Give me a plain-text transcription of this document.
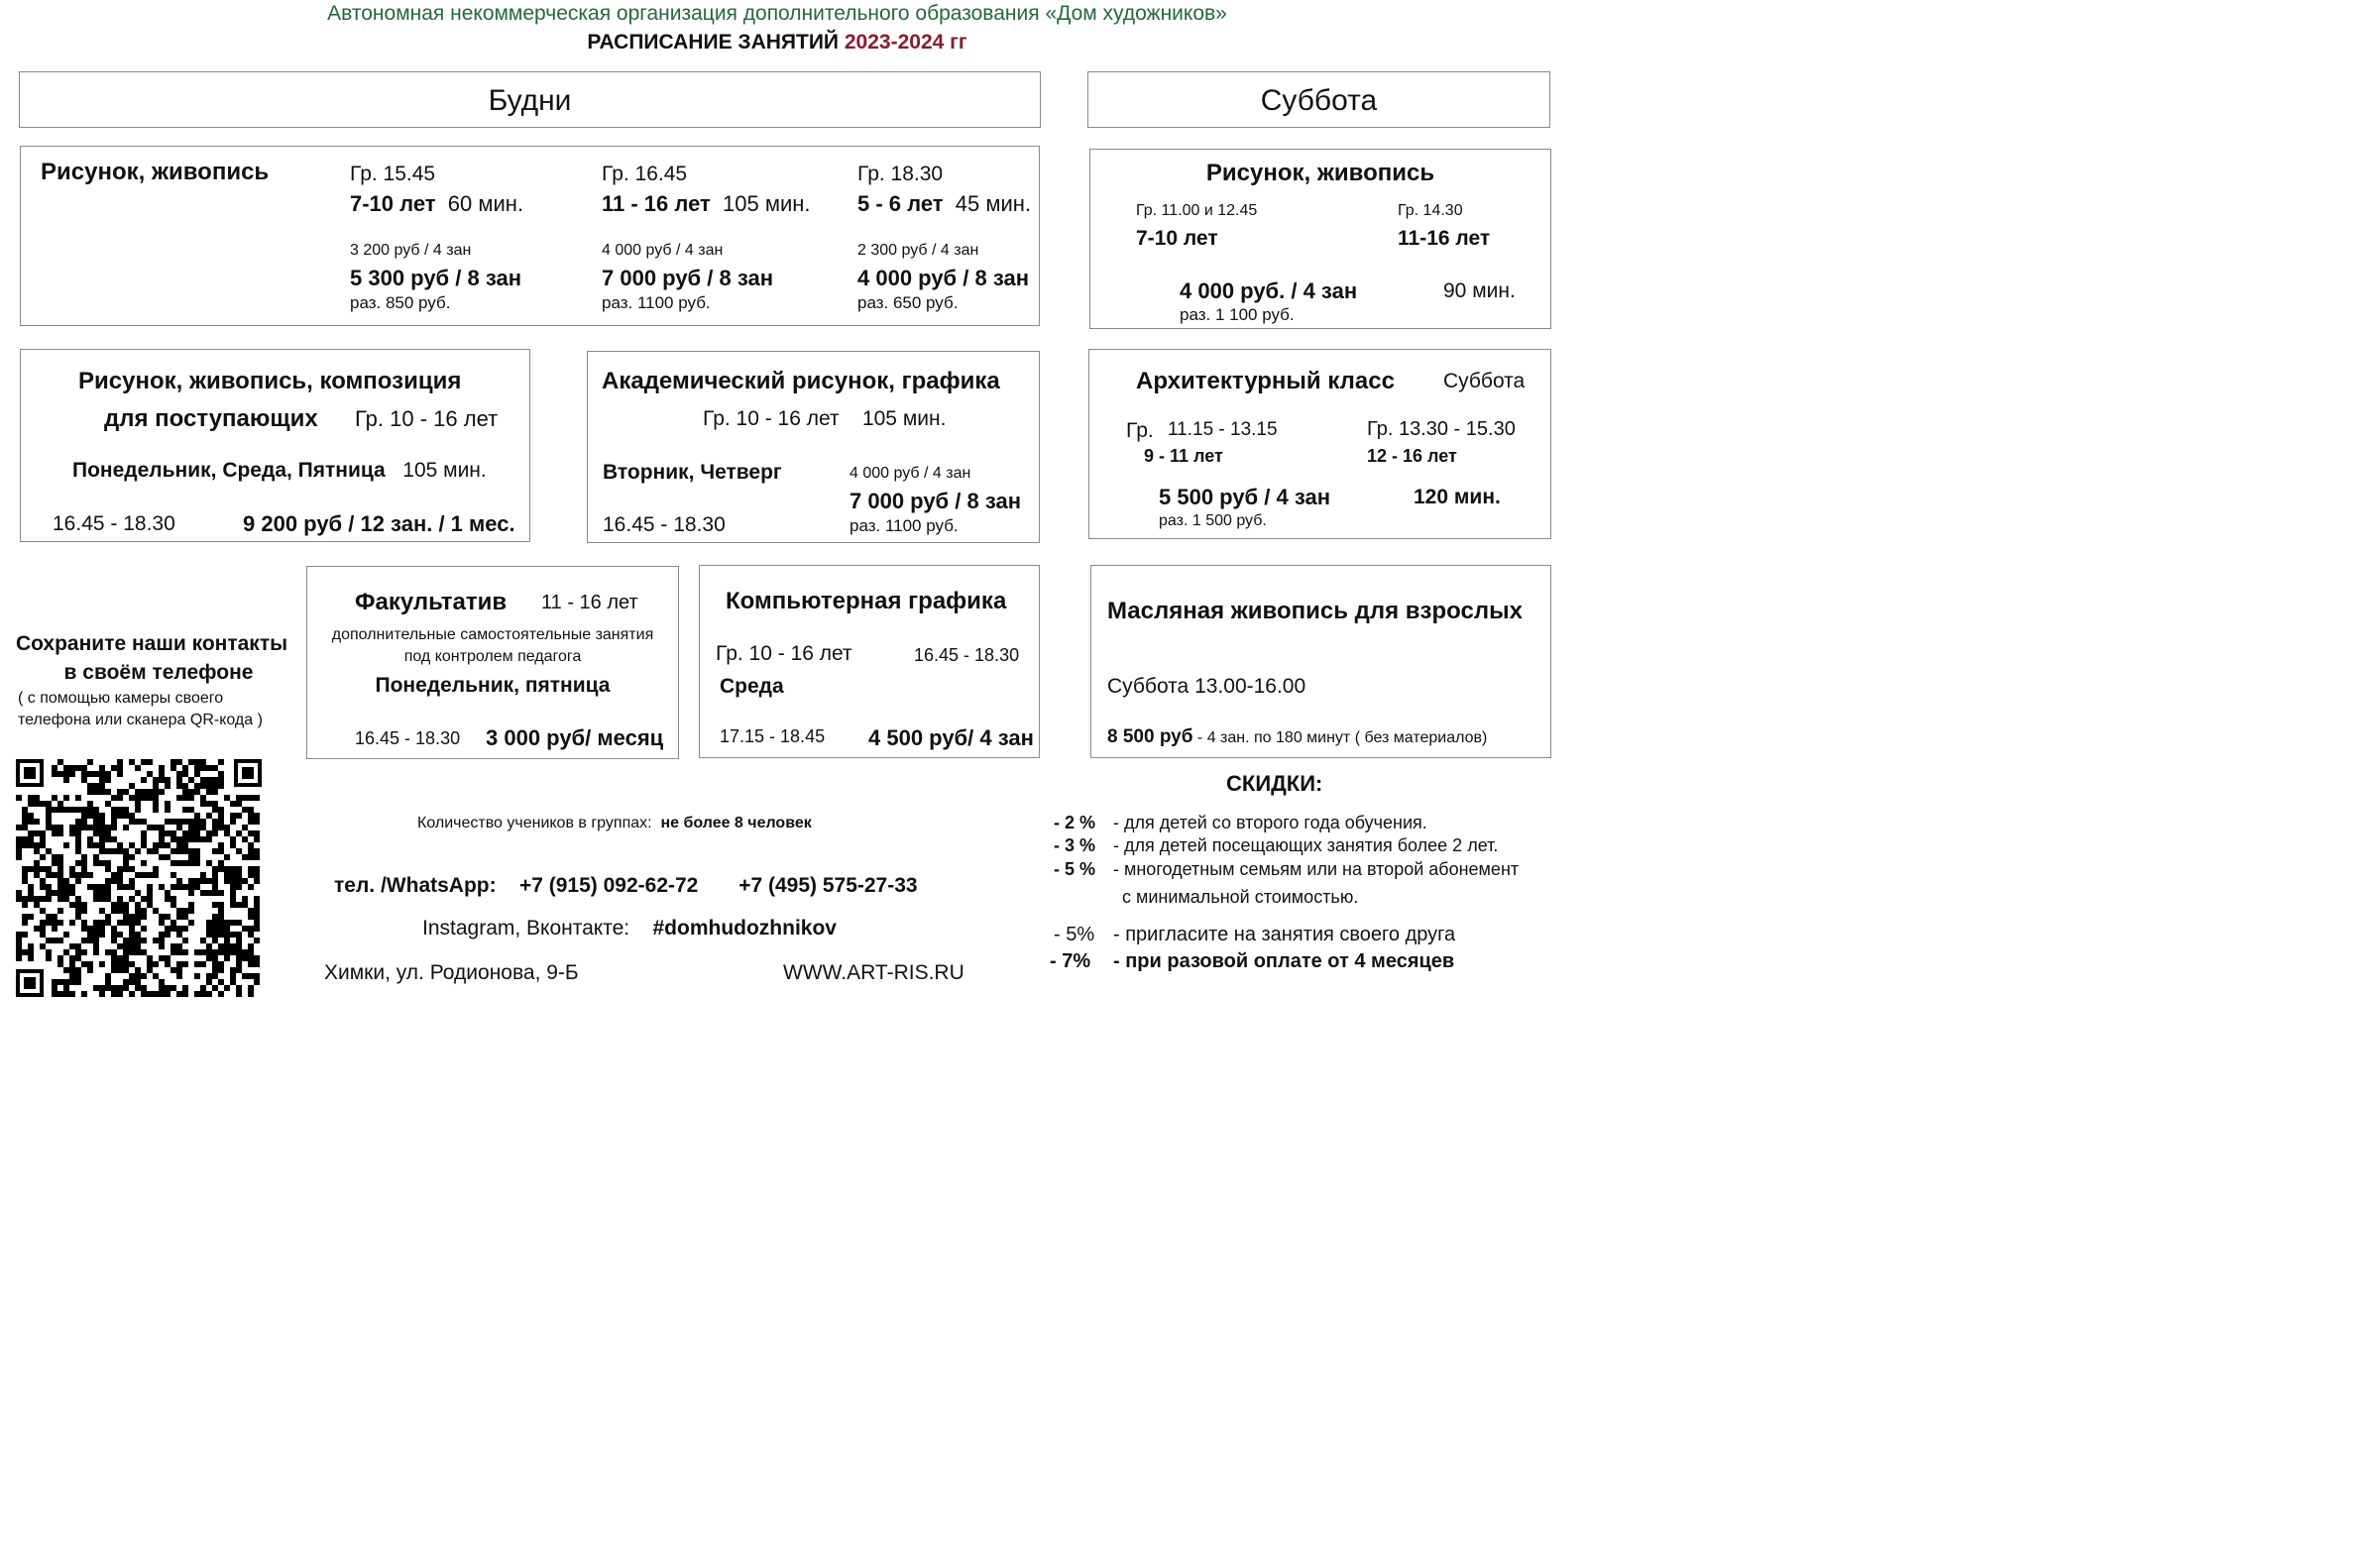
Автономная некоммерческая организация дополнительного образования «Дом художников»
РАСПИСАНИЕ ЗАНЯТИЙ 2023-2024 гг
Будни	Суббота
Рисунок, живопись	Гр. 15.45
7-10 лет 60 мин.
3 200 руб / 4 зан
5 300 руб / 8 зан
раз. 850 руб.
Гр. 16.45
11 - 16 лет 105 мин.
4 000 руб / 4 зан
7 000 руб / 8 зан
раз. 1100 руб.
Гр. 18.30
5 - 6 лет 45 мин.
2 300 руб / 4 зан
4 000 руб / 8 зан
раз. 650 руб.
Рисунок, живопись
Гр. 11.00 и 12.45
7-10 лет
Гр. 14.30
11-16 лет
4 000 руб. / 4 зан	90 мин.
раз. 1 100 руб.
Рисунок, живопись, композиция
для поступающих Гр. 10 - 16 лет
Понедельник, Среда, Пятница 105 мин.
16.45 - 18.30	9 200 руб / 12 зан. / 1 мес.
Академический рисунок, графика
Гр. 10 - 16 лет 105 мин.
Вторник, Четверг	4 000 руб / 4 зан
7 000 руб / 8 зан
раз. 1100 руб.
16.45 - 18.30
Архитектурный класс Суббота
Гр. 11.15 - 13.15
9 - 11 лет
Гр. 13.30 - 15.30
12 - 16 лет
5 500 руб / 4 зан	120 мин.
раз. 1 500 руб.
Сохраните наши контакты
в своём телефоне
( с помощью камеры своего
телефона или сканера QR-кода )
Факультатив 11 - 16 лет
дополнительные самостоятельные занятия
под контролем педагога
Понедельник, пятница
16.45 - 18.30 3 000 руб/ месяц
Компьютерная графика
Гр. 10 - 16 лет	16.45 - 18.30
Среда
17.15 - 18.45 4 500 руб/ 4 зан
Масляная живопись для взрослых
Суббота 13.00-16.00
8 500 руб - 4 зан. по 180 минут ( без материалов)
Количество учеников в группах: не более 8 человек
тел. /WhatsApp: +7 (915) 092-62-72 +7 (495) 575-27-33
Instagram, Вконтакте: #domhudozhnikov
Химки, ул. Родионова, 9-Б	WWW.ART-RIS.RU
СКИДКИ:
- 2 % - для детей со второго года обучения.
- 3 % - для детей посещающих занятия более 2 лет.
- 5 % - многодетным семьям или на второй абонемент
с минимальной стоимостью.
- 5% - пригласите на занятия своего друга
- 7% - при разовой оплате от 4 месяцев
